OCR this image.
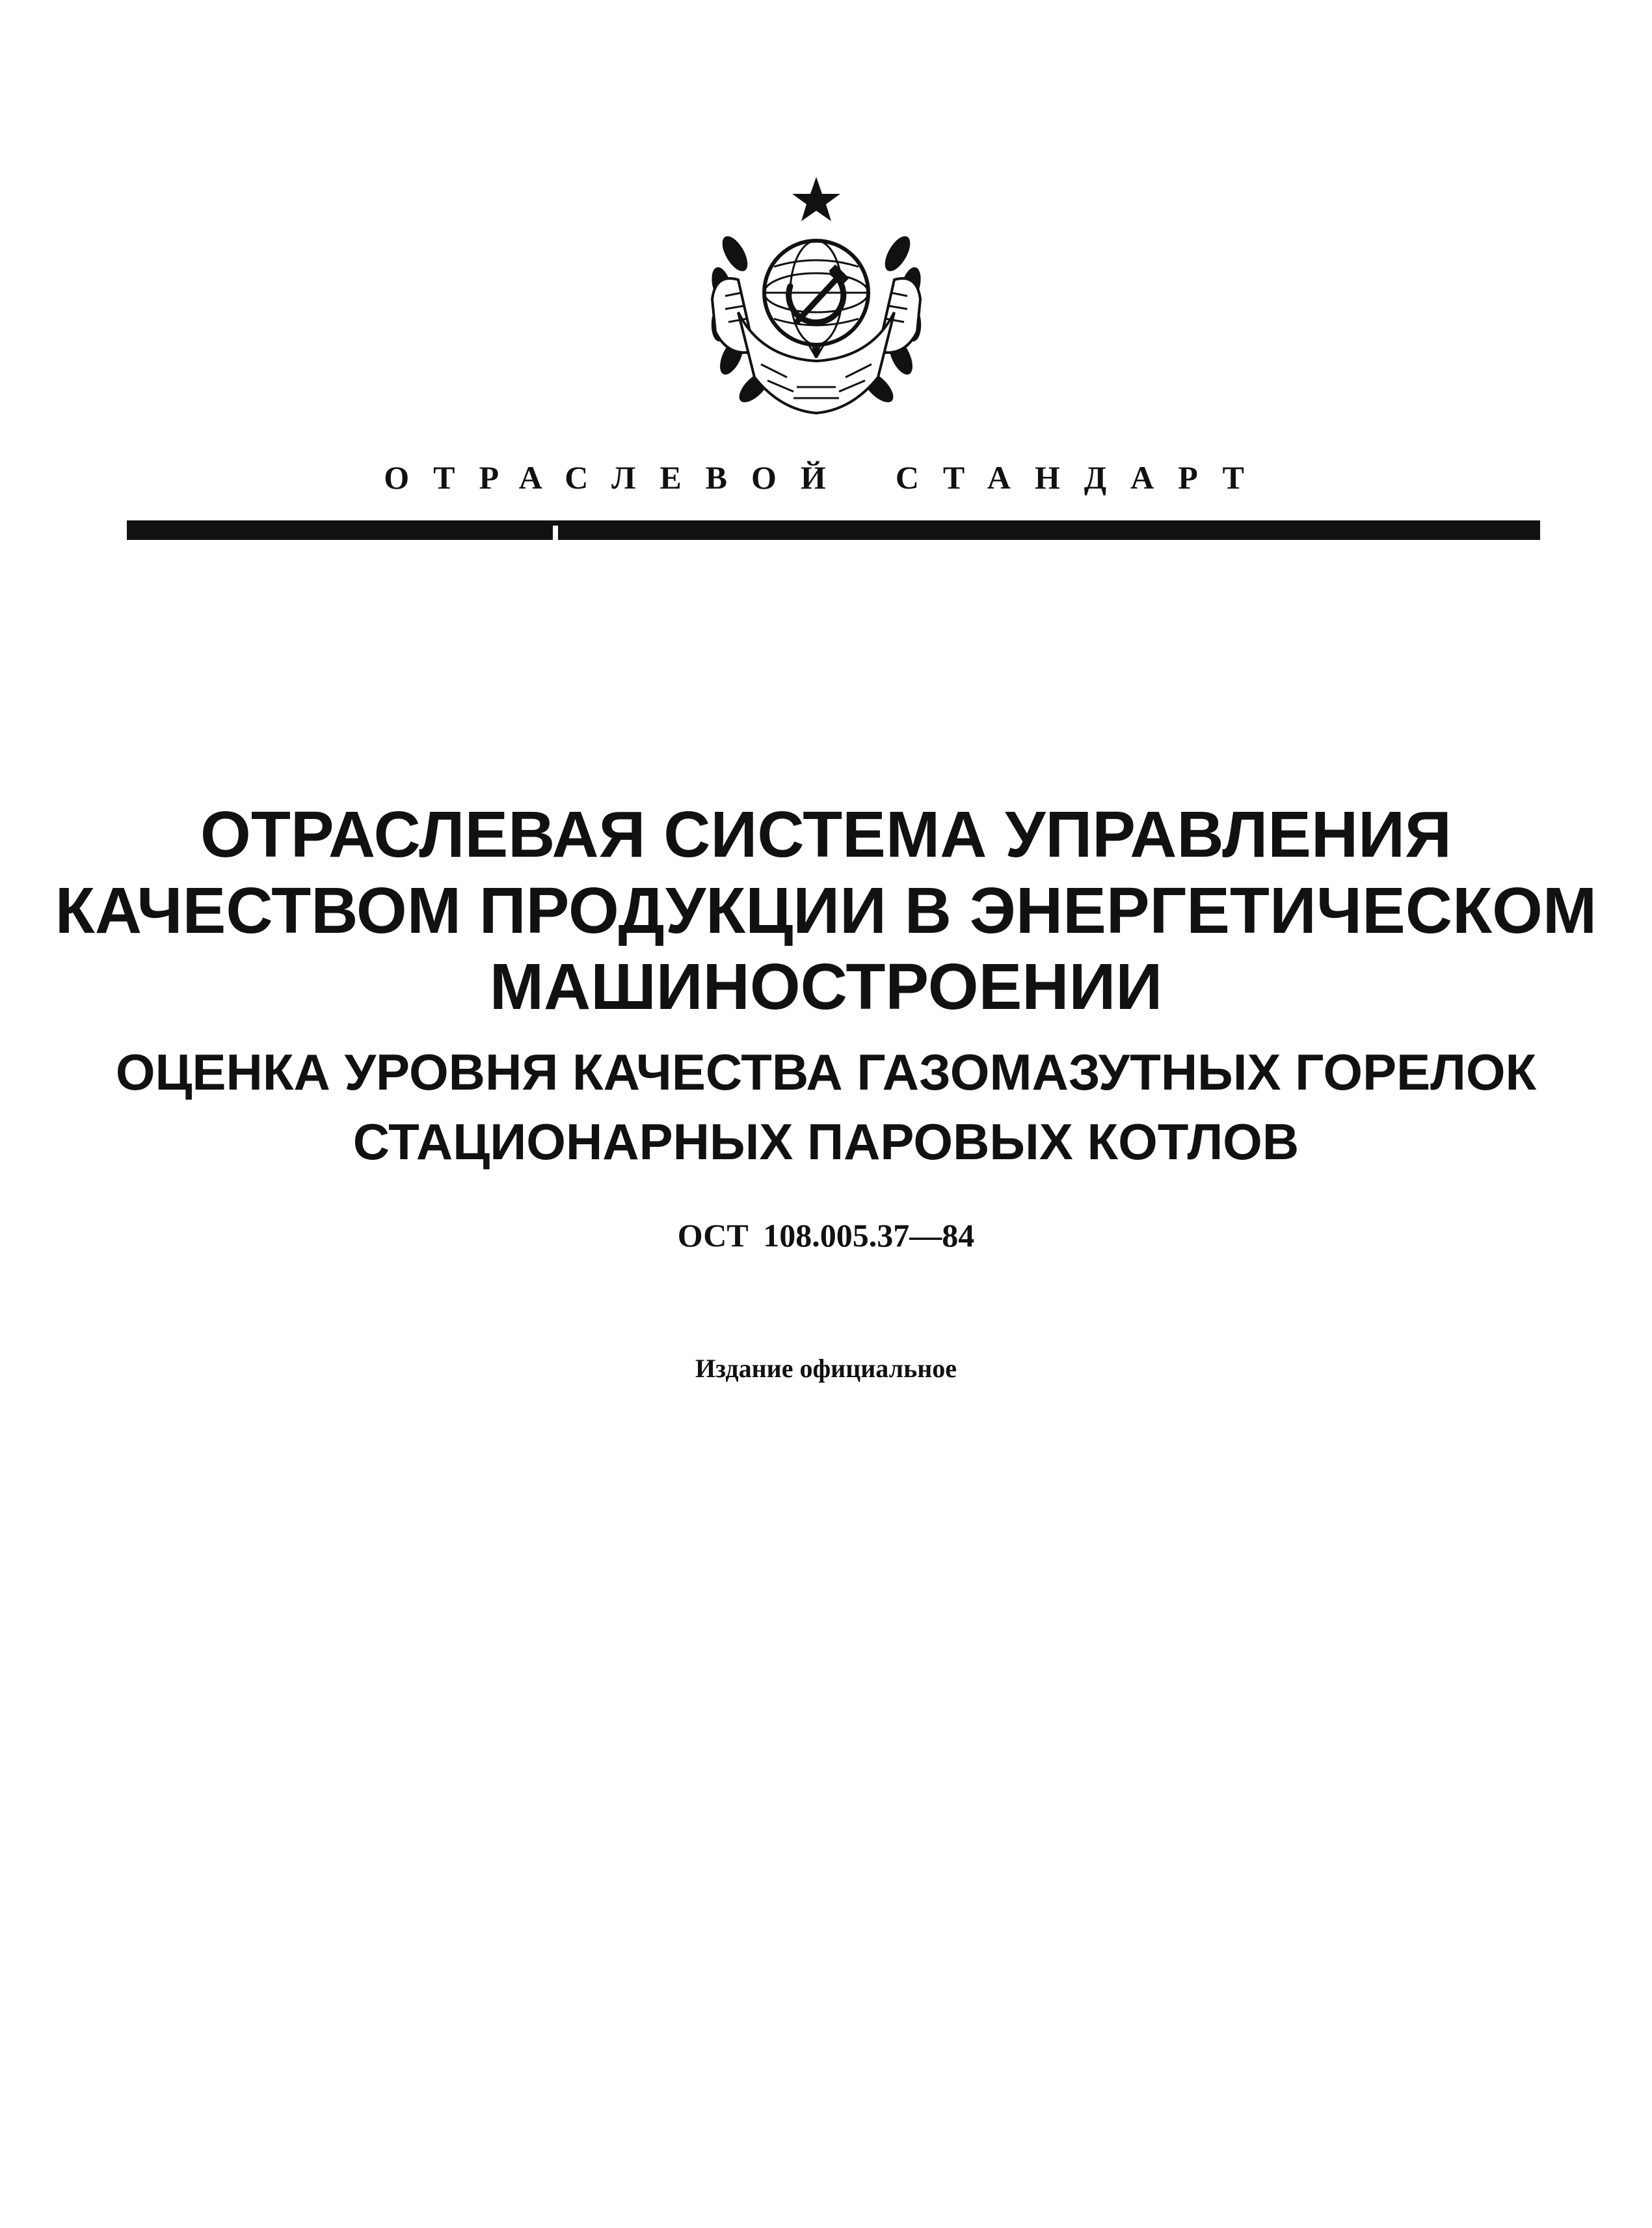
ОТРАСЛЕВОЙ СТАНДАРТ
ОТРАСЛЕВАЯ СИСТЕМА УПРАВЛЕНИЯ
КАЧЕСТВОМ ПРОДУКЦИИ В ЭНЕРГЕТИЧЕСКОМ
МАШИНОСТРОЕНИИ
ОЦЕНКА УРОВНЯ КАЧЕСТВА ГАЗОМАЗУТНЫХ ГОРЕЛОК
СТАЦИОНАРНЫХ ПАРОВЫХ КОТЛОВ
ОСТ 108.005.37—84
Издание официальное
